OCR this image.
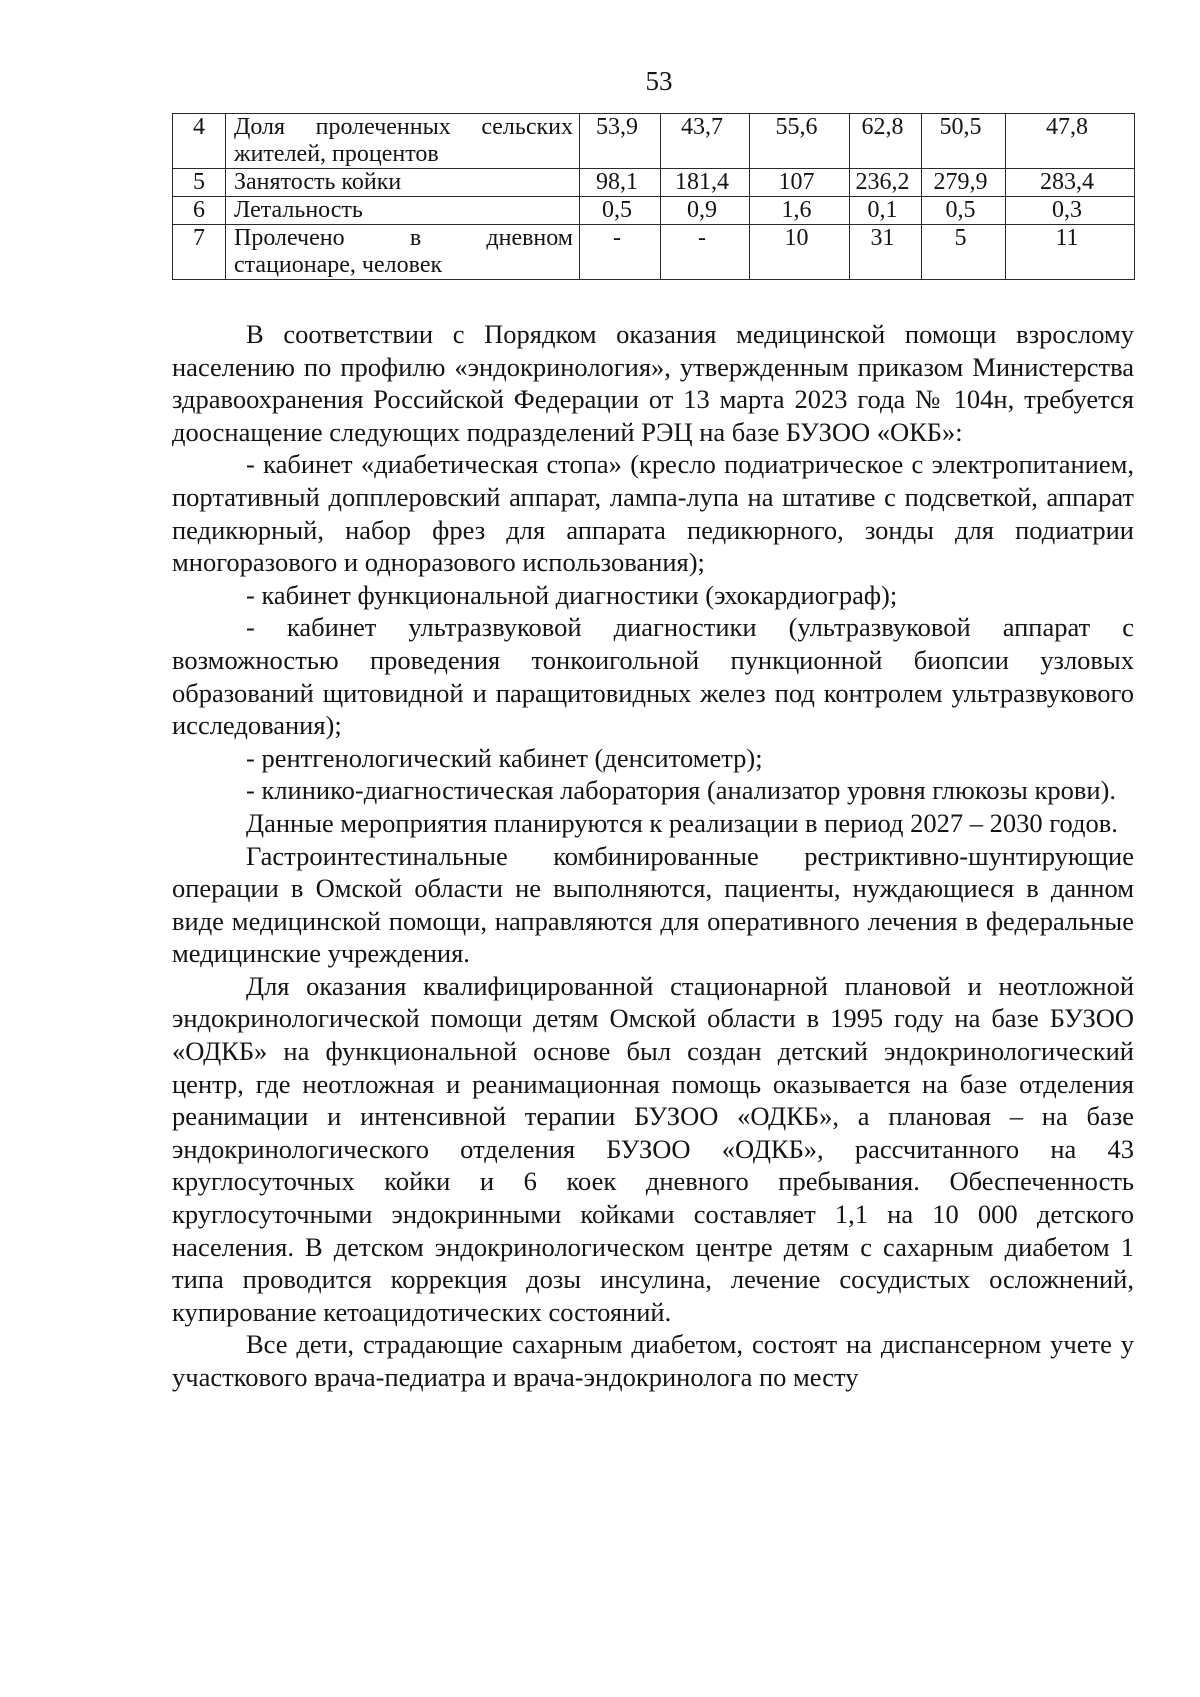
53
4	Доля пролеченных сельских жителей, процентов	53,9	43,7	55,6	62,8	50,5	47,8
5	Занятость койки	98,1	181,4	107	236,2	279,9	283,4
6	Летальность	0,5	0,9	1,6	0,1	0,5	0,3
7	Пролечено в дневном стационаре, человек	-	-	10	31	5	11

В соответствии с Порядком оказания медицинской помощи взрослому населению по профилю «эндокринология», утвержденным приказом Министерства здравоохранения Российской Федерации от 13 марта 2023 года № 104н, требуется дооснащение следующих подразделений РЭЦ на базе БУЗОО «ОКБ»:

- кабинет «диабетическая стопа» (кресло подиатрическое с электропитанием, портативный допплеровский аппарат, лампа-лупа на штативе с подсветкой, аппарат педикюрный, набор фрез для аппарата педикюрного, зонды для подиатрии многоразового и одноразового использования);

- кабинет функциональной диагностики (эхокардиограф);

- кабинет ультразвуковой диагностики (ультразвуковой аппарат с возможностью проведения тонкоигольной пункционной биопсии узловых образований щитовидной и паращитовидных желез под контролем ультразвукового исследования);

- рентгенологический кабинет (денситометр);

- клинико-диагностическая лаборатория (анализатор уровня глюкозы крови).

Данные мероприятия планируются к реализации в период 2027 – 2030 годов.

Гастроинтестинальные комбинированные рестриктивно-шунтирующие операции в Омской области не выполняются, пациенты, нуждающиеся в данном виде медицинской помощи, направляются для оперативного лечения в федеральные медицинские учреждения.

Для оказания квалифицированной стационарной плановой и неотложной эндокринологической помощи детям Омской области в 1995 году на базе БУЗОО «ОДКБ» на функциональной основе был создан детский эндокринологический центр, где неотложная и реанимационная помощь оказывается на базе отделения реанимации и интенсивной терапии БУЗОО «ОДКБ», а плановая – на базе эндокринологического отделения БУЗОО «ОДКБ», рассчитанного на 43 круглосуточных койки и 6 коек дневного пребывания. Обеспеченность круглосуточными эндокринными койками составляет 1,1 на 10 000 детского населения. В детском эндокринологическом центре детям с сахарным диабетом 1 типа проводится коррекция дозы инсулина, лечение сосудистых осложнений, купирование кетоацидотических состояний.

Все дети, страдающие сахарным диабетом, состоят на диспансерном учете у участкового врача-педиатра и врача-эндокринолога по месту
